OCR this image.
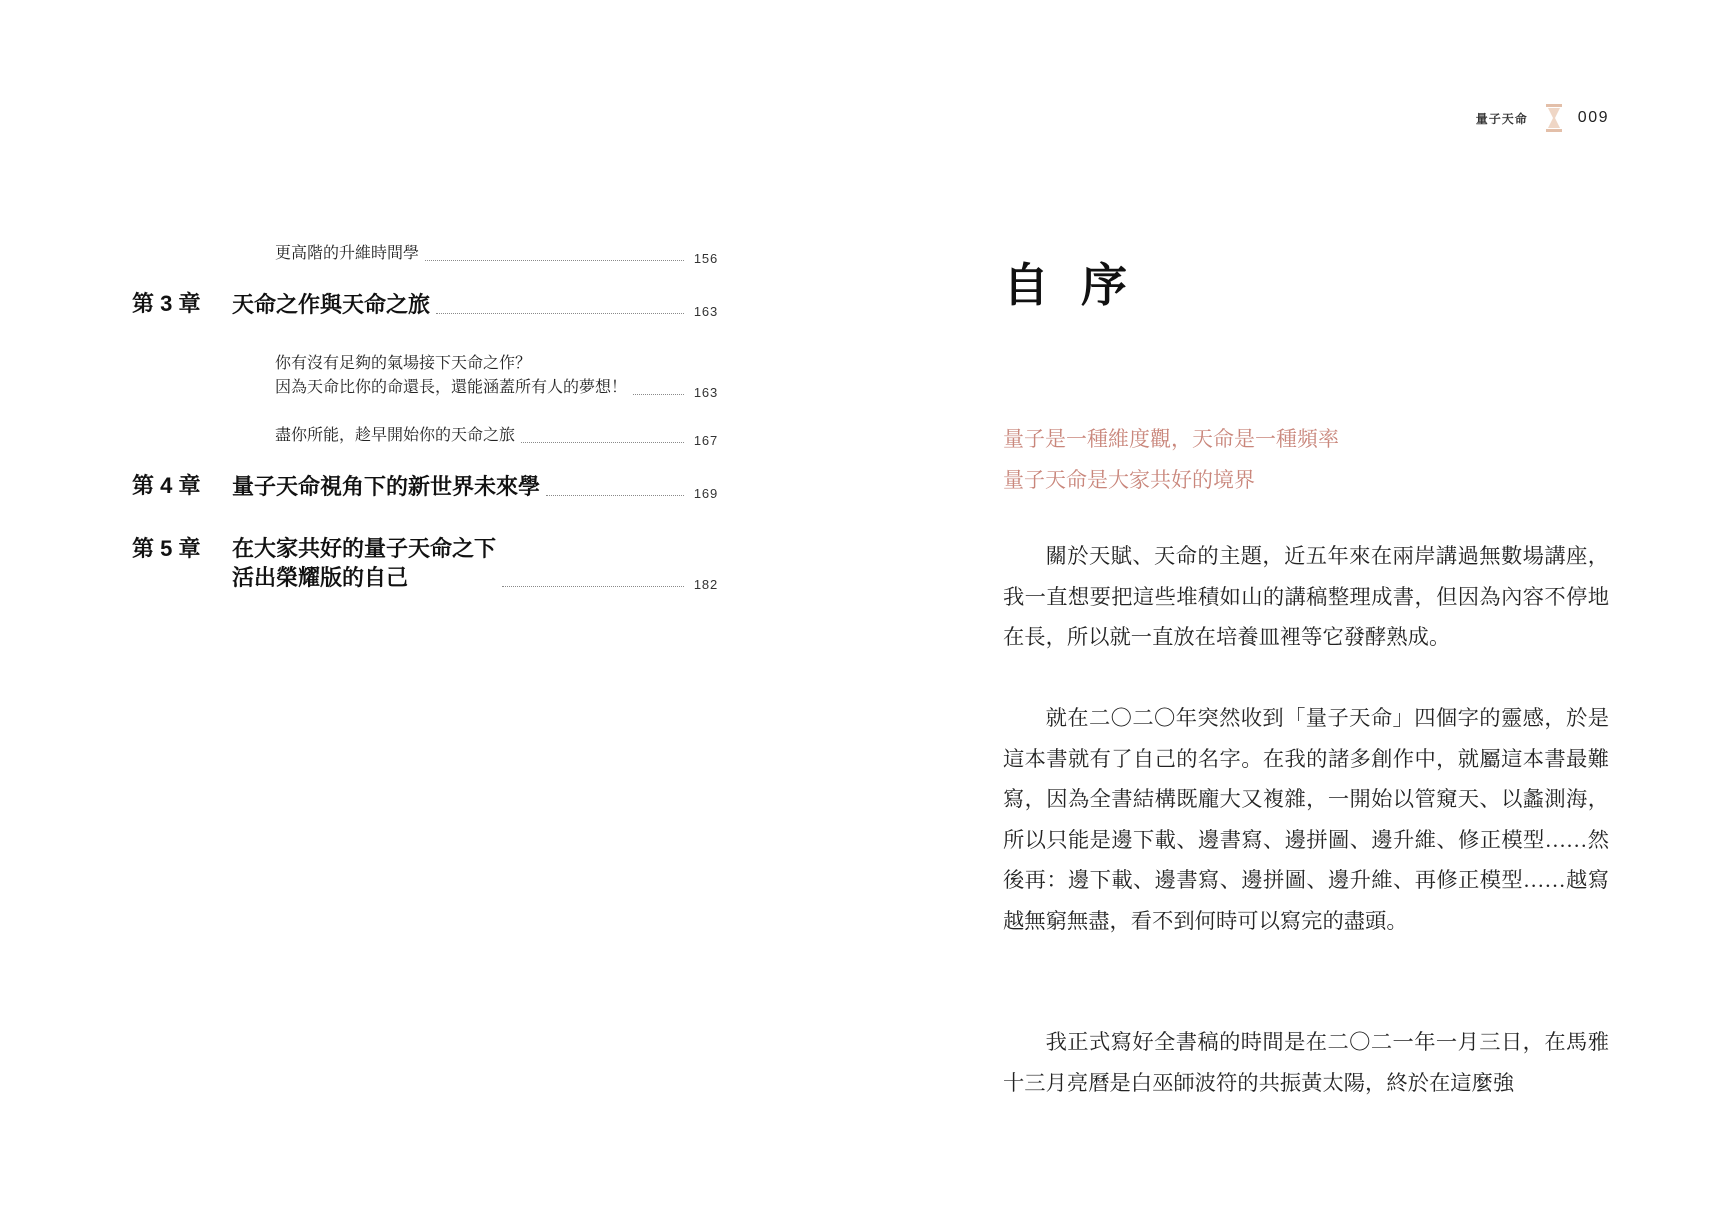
量子天命	009
更高階的升維時間學	156
第 3 章	天命之作與天命之旅	163
你有沒有足夠的氣場接下天命之作？
因為天命比你的命還長，還能涵蓋所有人的夢想！	163
盡你所能，趁早開始你的天命之旅	167
第 4 章	量子天命視角下的新世界未來學	169
第 5 章	在大家共好的量子天命之下
活出榮耀版的自己	182
自序
量子是一種維度觀，天命是一種頻率
量子天命是大家共好的境界

關於天賦、天命的主題，近五年來在兩岸講過無數場講座，我一直想要把這些堆積如山的講稿整理成書，但因為內容不停地在長，所以就一直放在培養皿裡等它發酵熟成。

就在二〇二〇年突然收到「量子天命」四個字的靈感，於是這本書就有了自己的名字。在我的諸多創作中，就屬這本書最難寫，因為全書結構既龐大又複雜，一開始以管窺天、以蠡測海，所以只能是邊下載、邊書寫、邊拼圖、邊升維、修正模型……然後再：邊下載、邊書寫、邊拼圖、邊升維、再修正模型……越寫越無窮無盡，看不到何時可以寫完的盡頭。

我正式寫好全書稿的時間是在二〇二一年一月三日，在馬雅十三月亮曆是白巫師波符的共振黃太陽，終於在這麼強
